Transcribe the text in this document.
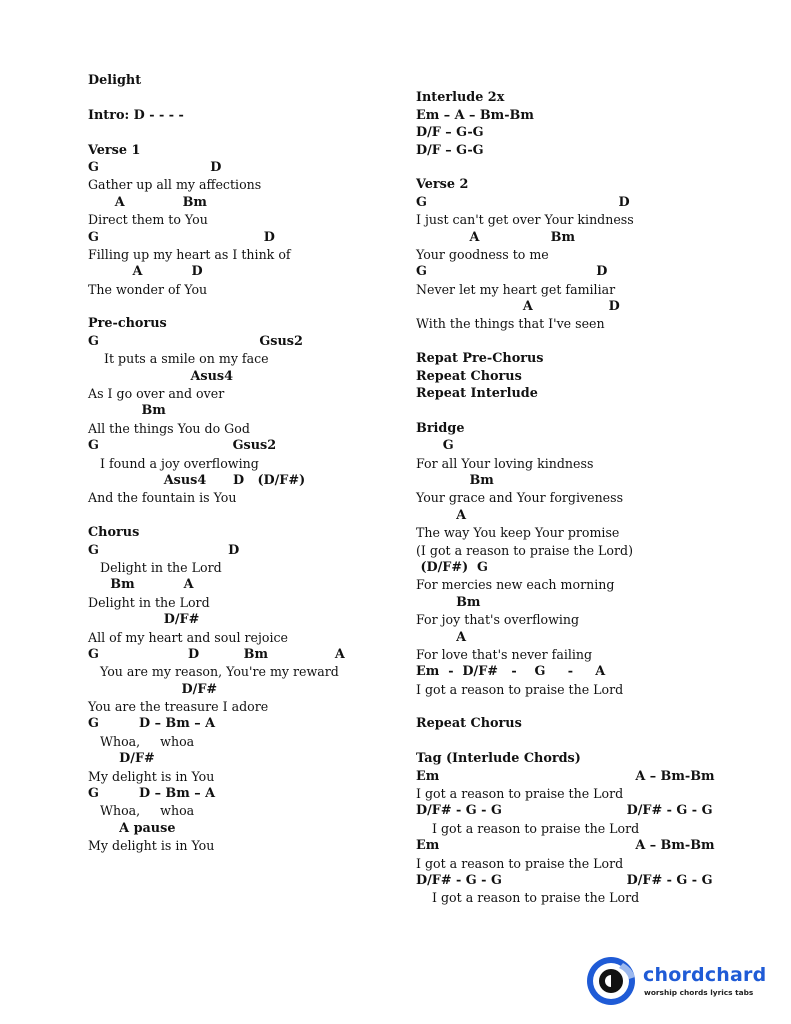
Delight
Intro: D - - - -
Verse 1
G                         D
Gather up all my affections
A             Bm
Direct them to You
G                                     D
Filling up my heart as I think of
A           D
The wonder of You
Pre-chorus
G                                    Gsus2
It puts a smile on my face
Asus4
As I go over and over
Bm
All the things You do God
G                              Gsus2
I found a joy overflowing
Asus4      D   (D/F#)
And the fountain is You
Chorus
G                             D
Delight in the Lord
Bm           A
Delight in the Lord
D/F#
All of my heart and soul rejoice
G                    D          Bm               A
You are my reason, You're my reward
D/F#
You are the treasure I adore
G         D – Bm – A
Whoa,     whoa
D/F#
My delight is in You
G         D – Bm – A
Whoa,     whoa
A pause
My delight is in You
Interlude 2x
Em – A – Bm-Bm
D/F – G-G
D/F – G-G
Verse 2
G                                           D
I just can't get over Your kindness
A                Bm
Your goodness to me
G                                      D
Never let my heart get familiar
A                 D
With the things that I've seen
Repat Pre-Chorus
Repeat Chorus
Repeat Interlude
Bridge
G
For all Your loving kindness
Bm
Your grace and Your forgiveness
A
The way You keep Your promise
(I got a reason to praise the Lord)
(D/F#)  G
For mercies new each morning
Bm
For joy that's overflowing
A
For love that's never failing
Em  -  D/F#   -    G     -     A
I got a reason to praise the Lord
Repeat Chorus
Tag (Interlude Chords)
Em                                            A – Bm-Bm
I got a reason to praise the Lord
D/F# - G - G                            D/F# - G - G
I got a reason to praise the Lord
Em                                            A – Bm-Bm
I got a reason to praise the Lord
D/F# - G - G                            D/F# - G - G
I got a reason to praise the Lord
chordchard
worship chords lyrics tabs
